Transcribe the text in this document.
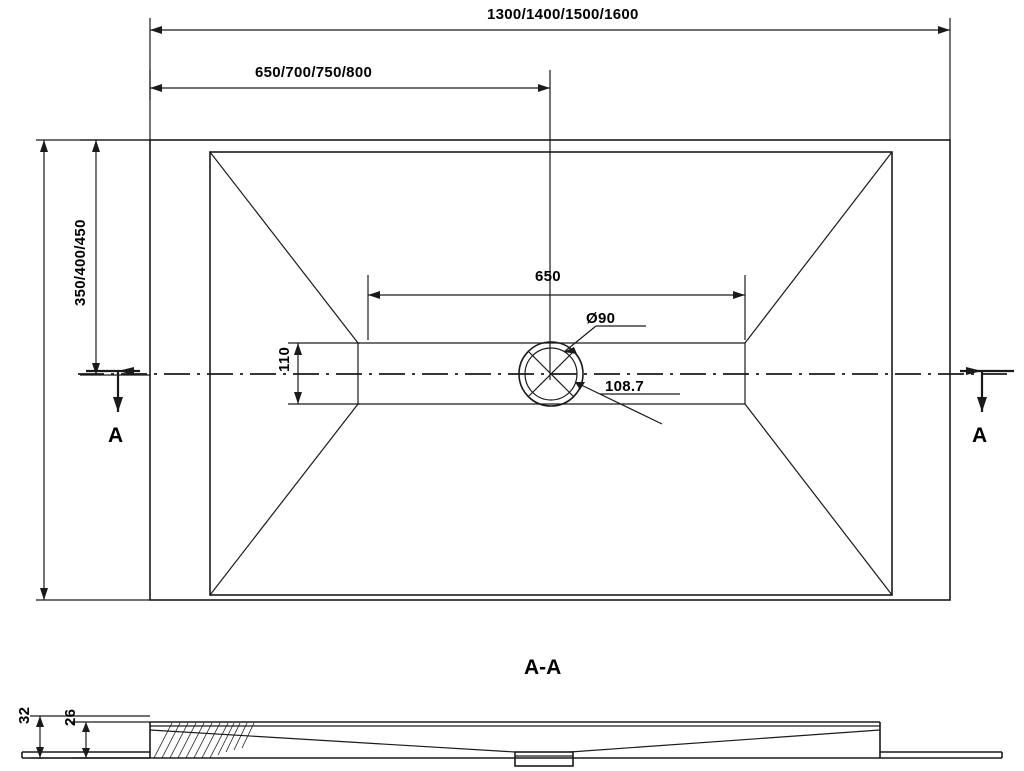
1300/1400/1500/1600
650/700/750/800
350/400/450	650
110
Ø90
108.7
A	A
A-A
32 26
